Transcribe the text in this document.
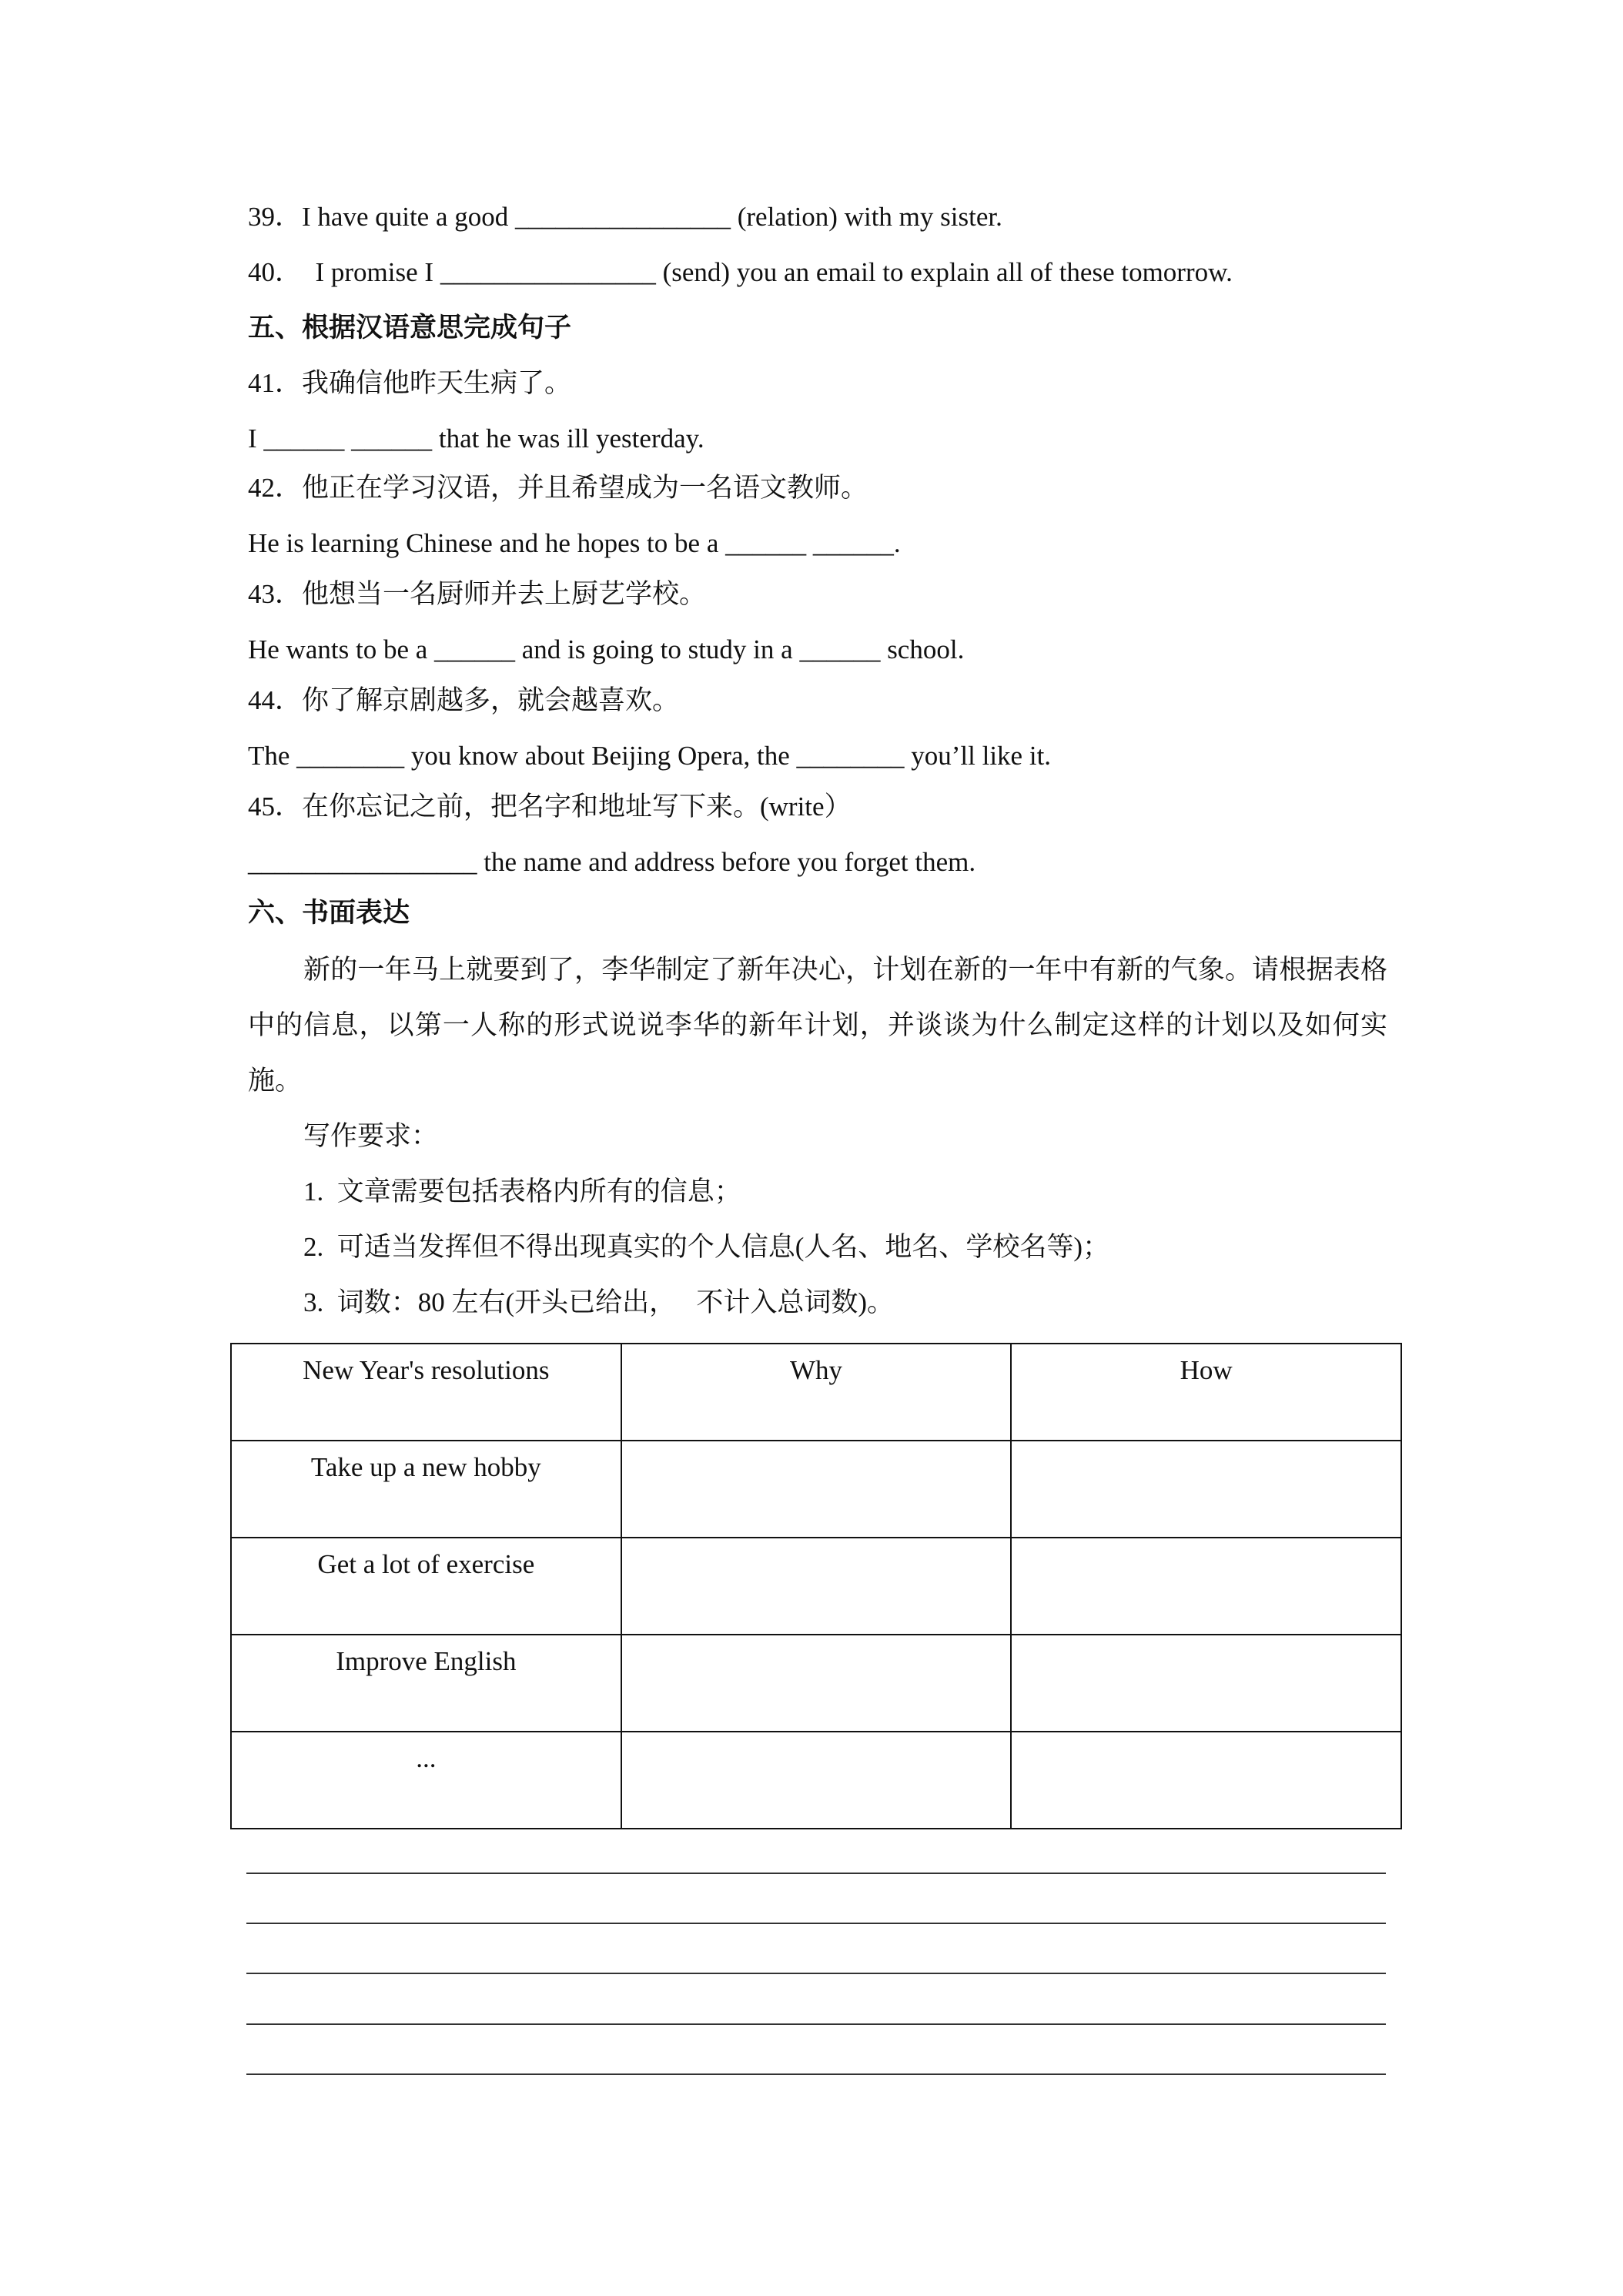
39．I have quite a good ________________ (relation) with my sister.
40．  I promise I ________________ (send) you an email to explain all of these tomorrow.
五、根据汉语意思完成句子
41．我确信他昨天生病了。
I ______ ______ that he was ill yesterday.
42．他正在学习汉语，并且希望成为一名语文教师。
He is learning Chinese and he hopes to be a ______ ______.
43．他想当一名厨师并去上厨艺学校。
He wants to be a ______ and is going to study in a ______ school.
44．你了解京剧越多，就会越喜欢。
The ________ you know about Beijing Opera, the ________ you’ll like it.
45．在你忘记之前，把名字和地址写下来。(write）
_________________ the name and address before you forget them.
六、书面表达
新的一年马上就要到了，李华制定了新年决心，计划在新的一年中有新的气象。请根据表格中的信息，以第一人称的形式说说李华的新年计划，并谈谈为什么制定这样的计划以及如何实施。
写作要求：
1.  文章需要包括表格内所有的信息；
2.  可适当发挥但不得出现真实的个人信息(人名、地名、学校名等)；
3.  词数：80 左右(开头已给出，   不计入总词数)。
New Year's resolutions	Why	How
Take up a new hobby		
Get a lot of exercise		
Improve English		
...		
